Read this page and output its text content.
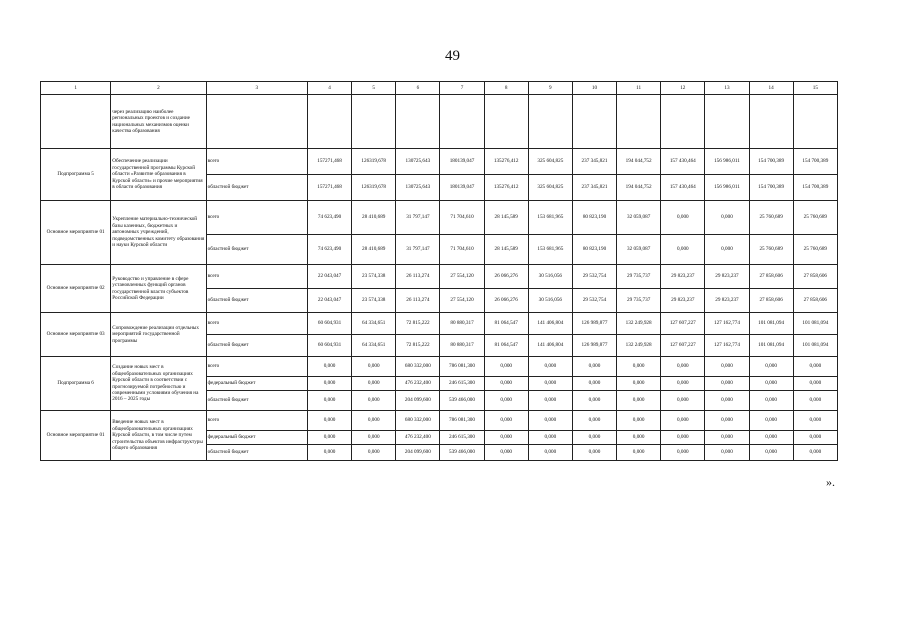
49
1	2	3	4	5	6	7	8	9	10	11	12	13	14	15
	через реализацию наиболее региональных проектов и создание национальных механизмов оценки качества образования													
Подпрограмма 5	Обеспечение реализации государственной программы Курской области «Развитие образования в Курской области» и прочие мероприятия в области образования	всего	157271,468	126319,678	130725,643	180139,047	135276,412	325 604,825	237 345,821	194 044,752	157 430,464	156 986,011	154 700,389	154 700,389
		областной бюджет	157271,468	126319,678	130725,643	180139,047	135276,412	325 604,825	237 345,821	194 044,752	157 430,464	156 986,011	154 700,389	154 700,389
Основное мероприятие 01	Укрепление материально-технической базы казенных, бюджетных и автономных учреждений, подведомственных комитету образования и науки Курской области	всего	74 623,490	28 410,689	31 797,147	71 704,610	28 145,589	153 681,965	80 823,190	32 059,087	0,000	0,000	25 760,689	25 760,689
		областной бюджет	74 623,490	28 410,689	31 797,147	71 704,610	28 145,589	153 681,965	80 823,190	32 059,087	0,000	0,000	25 760,689	25 760,689
Основное мероприятие 02	Руководство и управление в сфере установленных функций органов государственной власти субъектов Российской Федерации	всего	22 043,047	23 574,338	26 113,274	27 554,120	26 066,276	30 516,056	29 532,754	29 735,737	29 823,237	29 823,237	27 858,606	27 858,606
		областной бюджет	22 043,047	23 574,338	26 113,274	27 554,120	26 066,276	30 516,056	29 532,754	29 735,737	29 823,237	29 823,237	27 858,606	27 858,606
Основное мероприятие 03	Сопровождение реализации отдельных мероприятий государственной программы	всего	60 604,931	64 334,651	72 815,222	80 880,317	81 064,547	141 406,804	126 989,877	132 249,928	127 607,227	127 162,774	101 081,094	101 081,094
		областной бюджет	60 604,931	64 334,651	72 815,222	80 880,317	81 064,547	141 406,804	126 989,877	132 249,928	127 607,227	127 162,774	101 081,094	101 081,094
Подпрограмма 6	Создание новых мест в общеобразовательных организациях Курской области в соответствии с прогнозируемой потребностью и современными условиями обучения на 2016 – 2025 годы	всего	0,000	0,000	680 332,000	786 081,300	0,000	0,000	0,000	0,000	0,000	0,000	0,000	0,000
		федеральный бюджет	0,000	0,000	476 232,400	246 615,300	0,000	0,000	0,000	0,000	0,000	0,000	0,000	0,000
		областной бюджет	0,000	0,000	204 099,600	539 466,000	0,000	0,000	0,000	0,000	0,000	0,000	0,000	0,000
Основное мероприятие 01	Введение новых мест в общеобразовательных организациях Курской области, в том числе путем строительства объектов инфраструктуры общего образования	всего	0,000	0,000	680 332,000	786 081,300	0,000	0,000	0,000	0,000	0,000	0,000	0,000	0,000
		федеральный бюджет	0,000	0,000	476 232,400	246 615,300	0,000	0,000	0,000	0,000	0,000	0,000	0,000	0,000
		областной бюджет	0,000	0,000	204 099,600	539 466,000	0,000	0,000	0,000	0,000	0,000	0,000	0,000	0,000
».
